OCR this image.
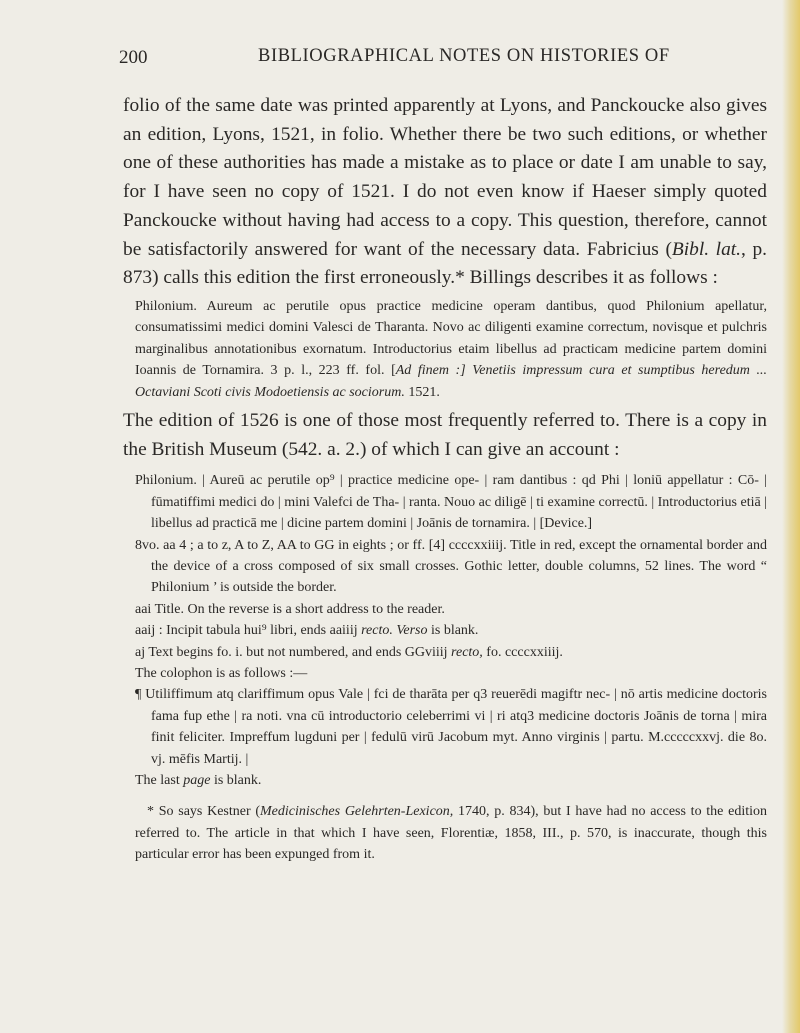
200	BIBLIOGRAPHICAL NOTES ON HISTORIES OF

folio of the same date was printed apparently at Lyons, and Panckoucke also gives an edition, Lyons, 1521, in folio. Whether there be two such editions, or whether one of these authorities has made a mistake as to place or date I am unable to say, for I have seen no copy of 1521. I do not even know if Haeser simply quoted Panckoucke without having had access to a copy. This question, therefore, cannot be satisfactorily answered for want of the necessary data. Fabricius (Bibl. lat., p. 873) calls this edition the first erroneously.* Billings describes it as follows :

Philonium. Aureum ac perutile opus practice medicine operam dantibus, quod Philonium apellatur, consumatissimi medici domini Valesci de Tharanta. Novo ac diligenti examine correctum, novisque et pulchris marginalibus annotationibus exornatum. Introductorius etaim libellus ad practicam medicine partem domini Ioannis de Tornamira. 3 p. l., 223 ff. fol. [Ad finem :] Venetiis impressum cura et sumptibus heredum ... Octaviani Scoti civis Modoetiensis ac sociorum. 1521.

The edition of 1526 is one of those most frequently referred to. There is a copy in the British Museum (542. a. 2.) of which I can give an account :

Philonium. | Aureū ac perutile op⁹ | practice medicine ope- | ram dantibus : qd Phi | loniū appellatur : Cō- | fūmatiffimi medici do | mini Valefci de Tha- | ranta. Nouo ac diligē | ti examine correctū. | Introductorius etiā | libellus ad practicā me | dicine partem domini | Joānis de tornamira. | [Device.]

8vo. aa 4 ; a to z, A to Z, AA to GG in eights ; or ff. [4] ccccxxiiij. Title in red, except the ornamental border and the device of a cross composed of six small crosses. Gothic letter, double columns, 52 lines. The word “ Philonium ’ is outside the border.

aai Title. On the reverse is a short address to the reader.

aaij : Incipit tabula hui⁹ libri, ends aaiiij recto. Verso is blank.

aj Text begins fo. i. but not numbered, and ends GGviiij recto, fo. ccccxxiiij.

The colophon is as follows :—

¶ Utiliffimum atq clariffimum opus Vale | fci de tharāta per q3 reuerēdi magiftr nec- | nō artis medicine doctoris fama fup ethe | ra noti. vna cū introductorio celeberrimi vi | ri atq3 medicine doctoris Joānis de torna | mira finit feliciter. Impreffum lugduni per | fedulū virū Jacobum myt. Anno virginis | partu. M.cccccxxvj. die 8o. vj. mēfis Martij. |

The last page is blank.

* So says Kestner (Medicinisches Gelehrten-Lexicon, 1740, p. 834), but I have had no access to the edition referred to. The article in that which I have seen, Florentiæ, 1858, III., p. 570, is inaccurate, though this particular error has been expunged from it.
